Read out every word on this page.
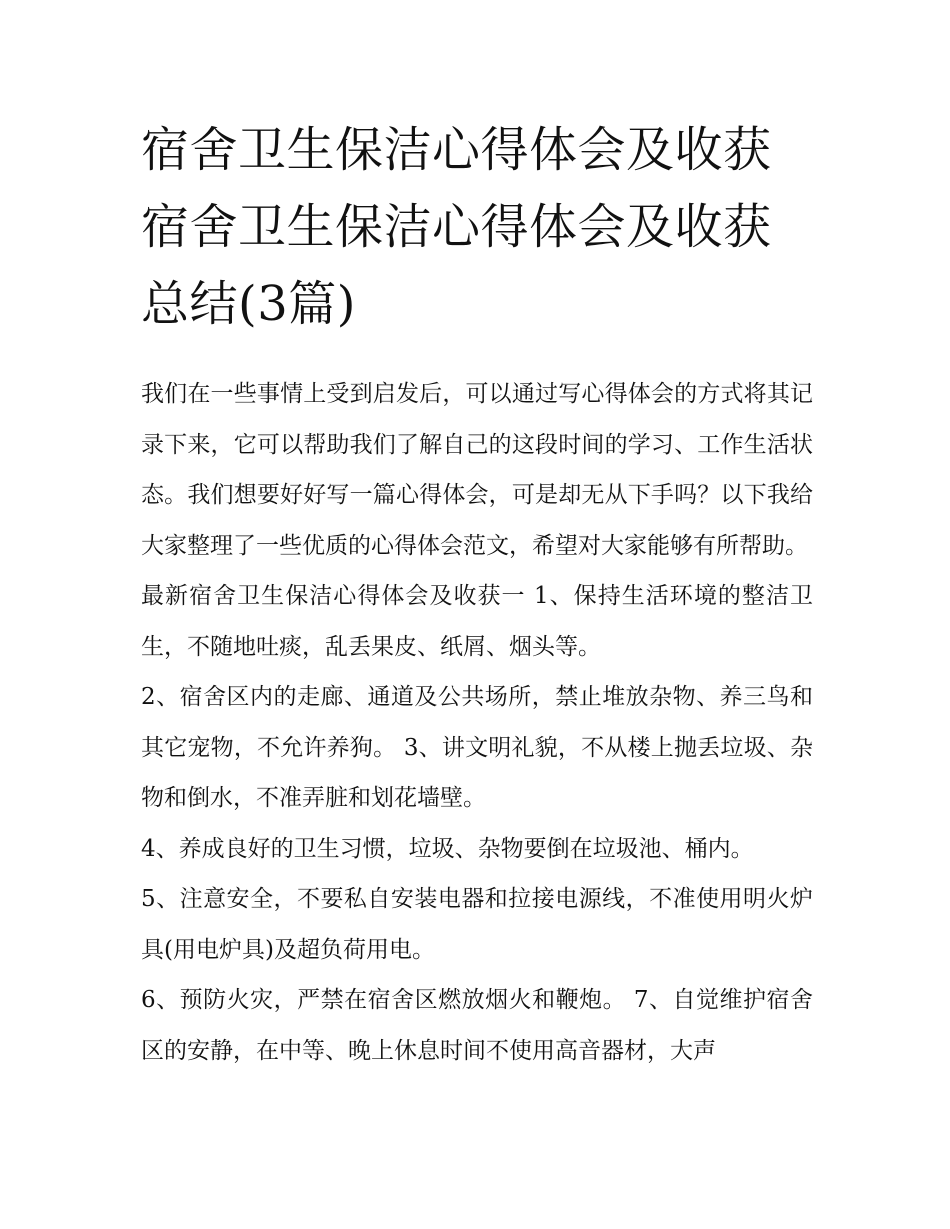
宿舍卫生保洁心得体会及收获
宿舍卫生保洁心得体会及收获
总结(3篇)

我们在一些事情上受到启发后，可以通过写心得体会的方式将其记录下来，它可以帮助我们了解自己的这段时间的学习、工作生活状态。我们想要好好写一篇心得体会，可是却无从下手吗？以下我给大家整理了一些优质的心得体会范文，希望对大家能够有所帮助。

最新宿舍卫生保洁心得体会及收获一 1、保持生活环境的整洁卫生，不随地吐痰，乱丢果皮、纸屑、烟头等。

2、宿舍区内的走廊、通道及公共场所，禁止堆放杂物、养三鸟和其它宠物，不允许养狗。 3、讲文明礼貌，不从楼上抛丢垃圾、杂物和倒水，不准弄脏和划花墙壁。

4、养成良好的卫生习惯，垃圾、杂物要倒在垃圾池、桶内。

5、注意安全，不要私自安装电器和拉接电源线，不准使用明火炉具(用电炉具)及超负荷用电。

6、预防火灾，严禁在宿舍区燃放烟火和鞭炮。 7、自觉维护宿舍区的安静，在中等、晚上休息时间不使用高音器材，大声
